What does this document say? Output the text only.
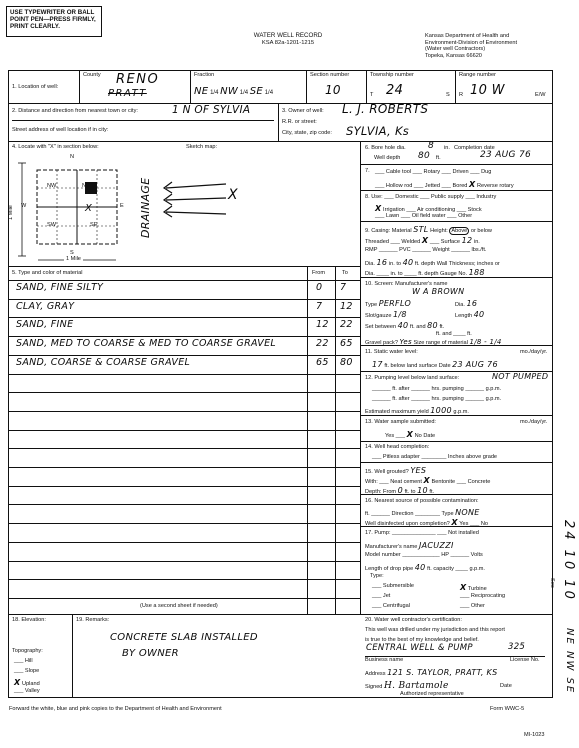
USE TYPEWRITER OR BALL
POINT PEN—PRESS FIRMLY,
PRINT CLEARLY.
WATER WELL RECORD
KSA 82a-1201-1215
Kansas Department of Health and
Environment-Division of Environment
(Water well Contractors)
Topeka, Kansas 66620
1. Location of well:
County RENO
PRATT
Fraction
NE 1/4 NW 1/4 SE 1/4
Section number
10
Township number
T 24	S
Range number
R 10 W	E/W
2. Distance and direction from nearest town or city:	1 N OF SYLVIA
Street address of well location if in city:
3. Owner of well: L. J. ROBERTS
R.R. or street:
City, state, zip code: SYLVIA, Ks
4. Locate with "X" in section below:	Sketch map:
N
W	E
S
1 Mile
NW	NE
SW	SE
X
1 Mile
DRAINAGE	X
5. Type and color of material	From	To
SAND, FINE SILTY	0 7
CLAY, GRAY	7 12
SAND, FINE	12 22
SAND, MED TO COARSE & MED TO COARSE GRAVEL	22 65
SAND, COARSE & COARSE GRAVEL	65 80
(Use a second sheet if needed)
6. Bore hole dia. 8 in. Completion date
Well depth 80 ft.	23 AUG 76
7. ___ Cable tool ___ Rotary ___ Driven ___ Dug
___ Hollow rod ___ Jetted ___ Bored X Reverse rotary
8. Use: ___ Domestic ___ Public supply ___ Industry
X Irrigation ___ Air conditioning ___ Stock
___ Lawn ___ Oil field water ___ Other
9. Casing: Material STL Height: Above or below
Threaded ___ Welded X ___ Surface 12 in.
RMP ______ PVC ______ Weight ______ lbs./ft.
Dia. 16 in. to 40 ft. depth Wall Thickness; inches or
Dia. ____ in. to ____ ft. depth Gauge No. 188
10. Screen: Manufacturer's name
W A BROWN
Type PERFLO	Dia. 16
Slot/gauze 1/8	Length 40
Set between 40 ft. and 80 ft.
ft. and ____ ft.
Gravel pack? Yes Size range of material 1/8 - 1/4
11. Static water level:	mo./day/yr.
17 ft. below land surface Date 23 AUG 76
12. Pumping level below land surface:	NOT PUMPED
______ ft. after ______ hrs. pumping ______ g.p.m.
______ ft. after ______ hrs. pumping ______ g.p.m.
Estimated maximum yield 1000 g.p.m.
13. Water sample submitted:	mo./day/yr.
Yes ___ X No Date
14. Well head completion:
___ Pitless adapter ________ Inches above grade
15. Well grouted? YES
With: ___ Neat cement X Bentonite ___ Concrete
Depth: From 0 ft. to 10 ft.
16. Nearest source of possible contamination:
ft. ______ Direction ________ Type NONE
Well disinfected upon completion? X Yes ___ No
17. Pump: ______________ ___ Not installed
Manufacturer's name JACUZZI
Model number ____________ HP ______ Volts
Length of drop pipe 40 ft. capacity ____ g.p.m.
Type:
___ Submersible	X Turbine
___ Jet	___ Reciprocating
___ Centrifugal	___ Other
18. Elevation:
Topography:
___ Hill
___ Slope
X Upland
___ Valley
19. Remarks:
CONCRETE SLAB INSTALLED
BY OWNER
20. Water well contractor's certification:
This well was drilled under my jurisdiction and this report
is true to the best of my knowledge and belief.
CENTRAL WELL & PUMP	325
Business name	License No.
Address 121 S. TAYLOR, PRATT, KS
Signed H. Bartamole	Date
Authorized representative
Forward the white, blue and pink copies to the Department of Health and Environment	Form WWC-5
MI-1023
24 10 10
Sec
NE NW SE
